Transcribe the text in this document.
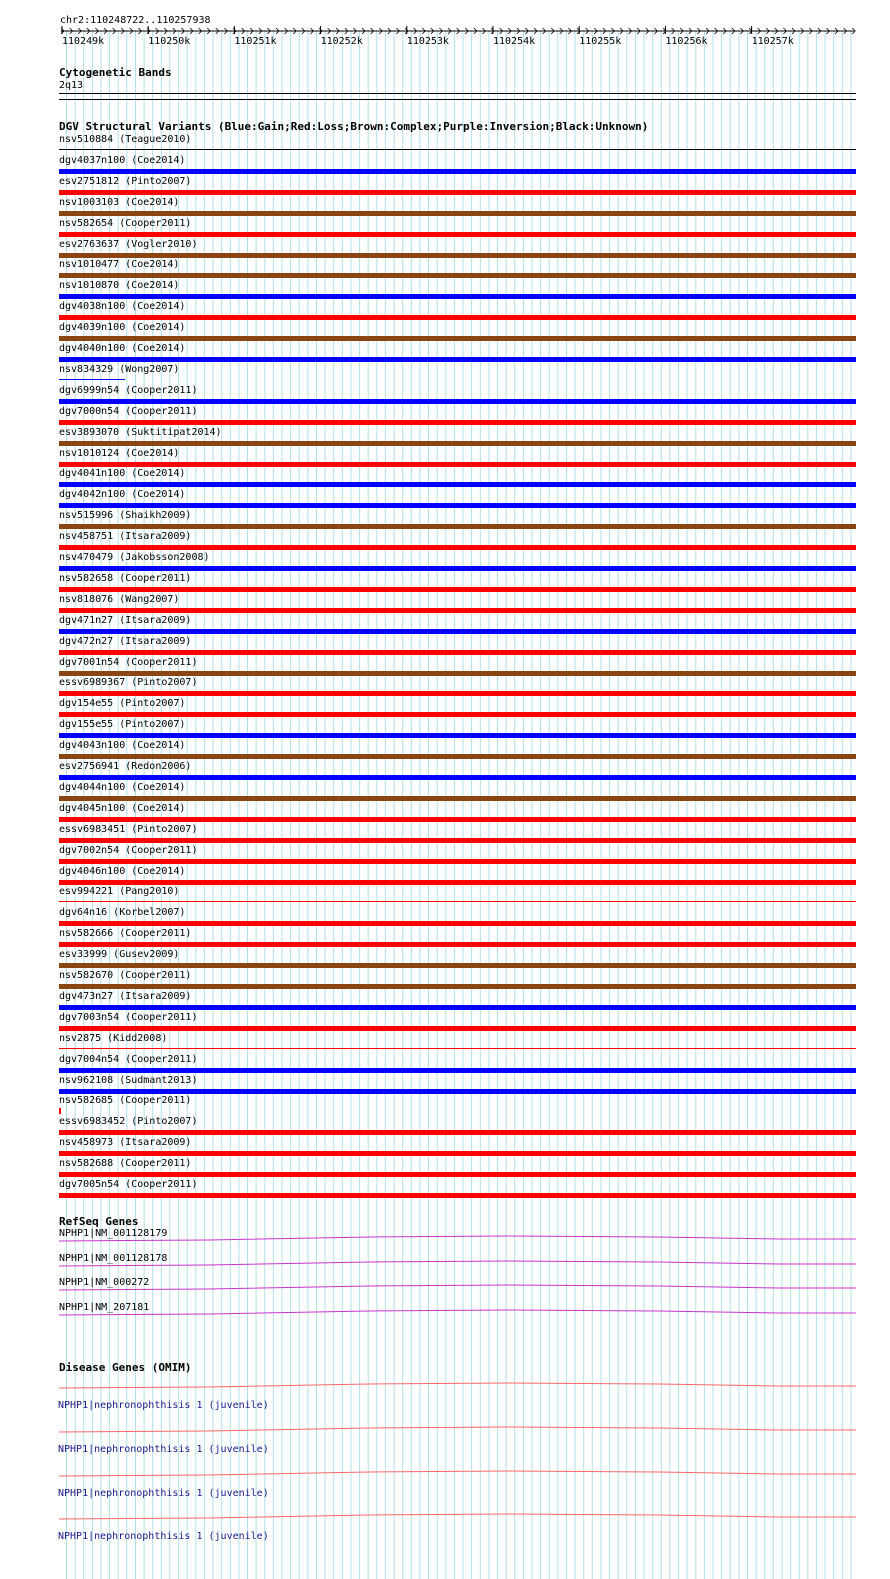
chr2:110248722..110257938
110249k	110250k	110251k	110252k	110253k	110254k	110255k	110256k	110257k
Cytogenetic Bands
2q13
DGV Structural Variants (Blue:Gain;Red:Loss;Brown:Complex;Purple:Inversion;Black:Unknown)
nsv510884 (Teague2010)
dgv4037n100 (Coe2014)
esv2751812 (Pinto2007)
nsv1003103 (Coe2014)
nsv582654 (Cooper2011)
esv2763637 (Vogler2010)
nsv1010477 (Coe2014)
nsv1010870 (Coe2014)
dgv4038n100 (Coe2014)
dgv4039n100 (Coe2014)
dgv4040n100 (Coe2014)
nsv834329 (Wong2007)
dgv6999n54 (Cooper2011)
dgv7000n54 (Cooper2011)
esv3893070 (Suktitipat2014)
nsv1010124 (Coe2014)
dgv4041n100 (Coe2014)
dgv4042n100 (Coe2014)
nsv515996 (Shaikh2009)
nsv458751 (Itsara2009)
nsv470479 (Jakobsson2008)
nsv582658 (Cooper2011)
nsv818076 (Wang2007)
dgv471n27 (Itsara2009)
dgv472n27 (Itsara2009)
dgv7001n54 (Cooper2011)
essv6989367 (Pinto2007)
dgv154e55 (Pinto2007)
dgv155e55 (Pinto2007)
dgv4043n100 (Coe2014)
esv2756941 (Redon2006)
dgv4044n100 (Coe2014)
dgv4045n100 (Coe2014)
essv6983451 (Pinto2007)
dgv7002n54 (Cooper2011)
dgv4046n100 (Coe2014)
esv994221 (Pang2010)
dgv64n16 (Korbel2007)
nsv582666 (Cooper2011)
esv33999 (Gusev2009)
nsv582670 (Cooper2011)
dgv473n27 (Itsara2009)
dgv7003n54 (Cooper2011)
nsv2875 (Kidd2008)
dgv7004n54 (Cooper2011)
nsv962108 (Sudmant2013)
nsv582685 (Cooper2011)
essv6983452 (Pinto2007)
nsv458973 (Itsara2009)
nsv582688 (Cooper2011)
dgv7005n54 (Cooper2011)
RefSeq Genes
NPHP1|NM_001128179
NPHP1|NM_001128178
NPHP1|NM_000272
NPHP1|NM_207181
Disease Genes (OMIM)
NPHP1|nephronophthisis 1 (juvenile)
NPHP1|nephronophthisis 1 (juvenile)
NPHP1|nephronophthisis 1 (juvenile)
NPHP1|nephronophthisis 1 (juvenile)
